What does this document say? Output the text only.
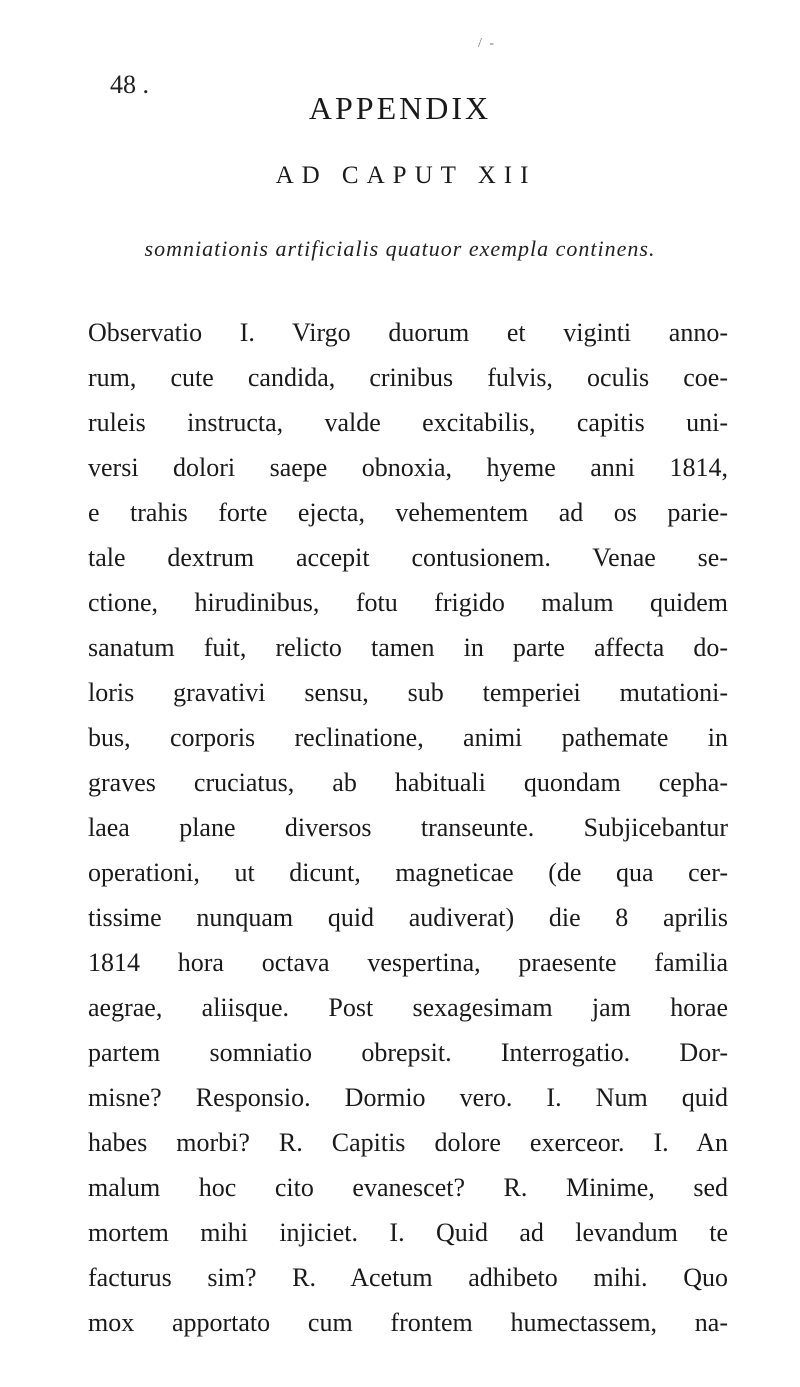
/ -
48 .
APPENDIX
AD CAPUT XII
somniationis artificialis quatuor exempla continens.
Observatio I. Virgo duorum et viginti anno-
rum, cute candida, crinibus fulvis, oculis coe-
ruleis instructa, valde excitabilis, capitis uni-
versi dolori saepe obnoxia, hyeme anni 1814,
e trahis forte ejecta, vehementem ad os parie-
tale dextrum accepit contusionem. Venae se-
ctione, hirudinibus, fotu frigido malum quidem
sanatum fuit, relicto tamen in parte affecta do-
loris gravativi sensu, sub temperiei mutationi-
bus, corporis reclinatione, animi pathemate in
graves cruciatus, ab habituali quondam cepha-
laea plane diversos transeunte. Subjicebantur
operationi, ut dicunt, magneticae (de qua cer-
tissime nunquam quid audiverat) die 8 aprilis
1814 hora octava vespertina, praesente familia
aegrae, aliisque. Post sexagesimam jam horae
partem somniatio obrepsit. Interrogatio. Dor-
misne? Responsio. Dormio vero. I. Num quid
habes morbi? R. Capitis dolore exerceor. I. An
malum hoc cito evanescet? R. Minime, sed
mortem mihi injiciet. I. Quid ad levandum te
facturus sim? R. Acetum adhibeto mihi. Quo
mox apportato cum frontem humectassem, na-
